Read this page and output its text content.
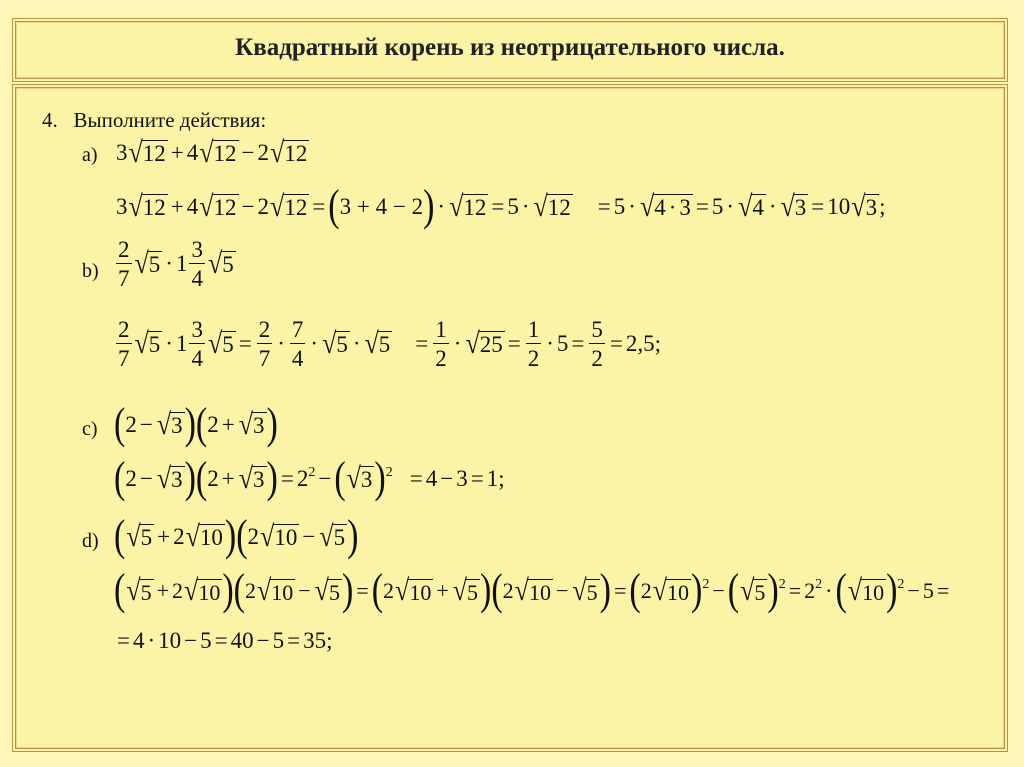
Квадратный корень из неотрицательного числа.
4. Выполните действия:
a) 3 √ 12 + 4 √ 12 − 2 √ 12
3 √ 12 + 4 √ 12 − 2 √ 12 = ( 3 + 4 − 2 ) · √ 12 = 5 · √ 12 = 5 · √ 4 · 3 = 5 · √ 4 · √ 3 = 10 √ 3 ;
$b) \frac{2}{7}$ √ $5 \cdot 1 \frac{3}{4}$ √ 5
$\frac{2}{7}$ √ $5 \cdot 1 \frac{3}{4}$ √ $5 = \frac{2}{7} \cdot \frac{7}{4}$ · √ 5 · √ $5 = \frac{1}{2}$ · √ $25 = \frac{1}{2} \cdot 5 = \frac{5}{2} = 2,5$;
c) ( 2 − √ 3 ) ( 2 + √ 3 )
( 2 − √ 3 ) ( 2 + √ 3 ) = 2 2 − ( √ 3 ) 2 = 4 − 3 = 1;
d) ( √ 5 + 2 √ 10 ) ( 2 √ 10 − √ 5 )
( √ 5 + 2 √ 10 ) ( 2 √ 10 − √ 5 ) = ( 2 √ 10 + √ 5 ) ( 2 √ 10 − √ 5 ) = ( 2 √ 10 ) 2 − ( √ 5 ) 2 = 2 2 · ( √ 10 ) 2 − 5 =
= 4 · 10 − 5 = 40 − 5 = 35;
